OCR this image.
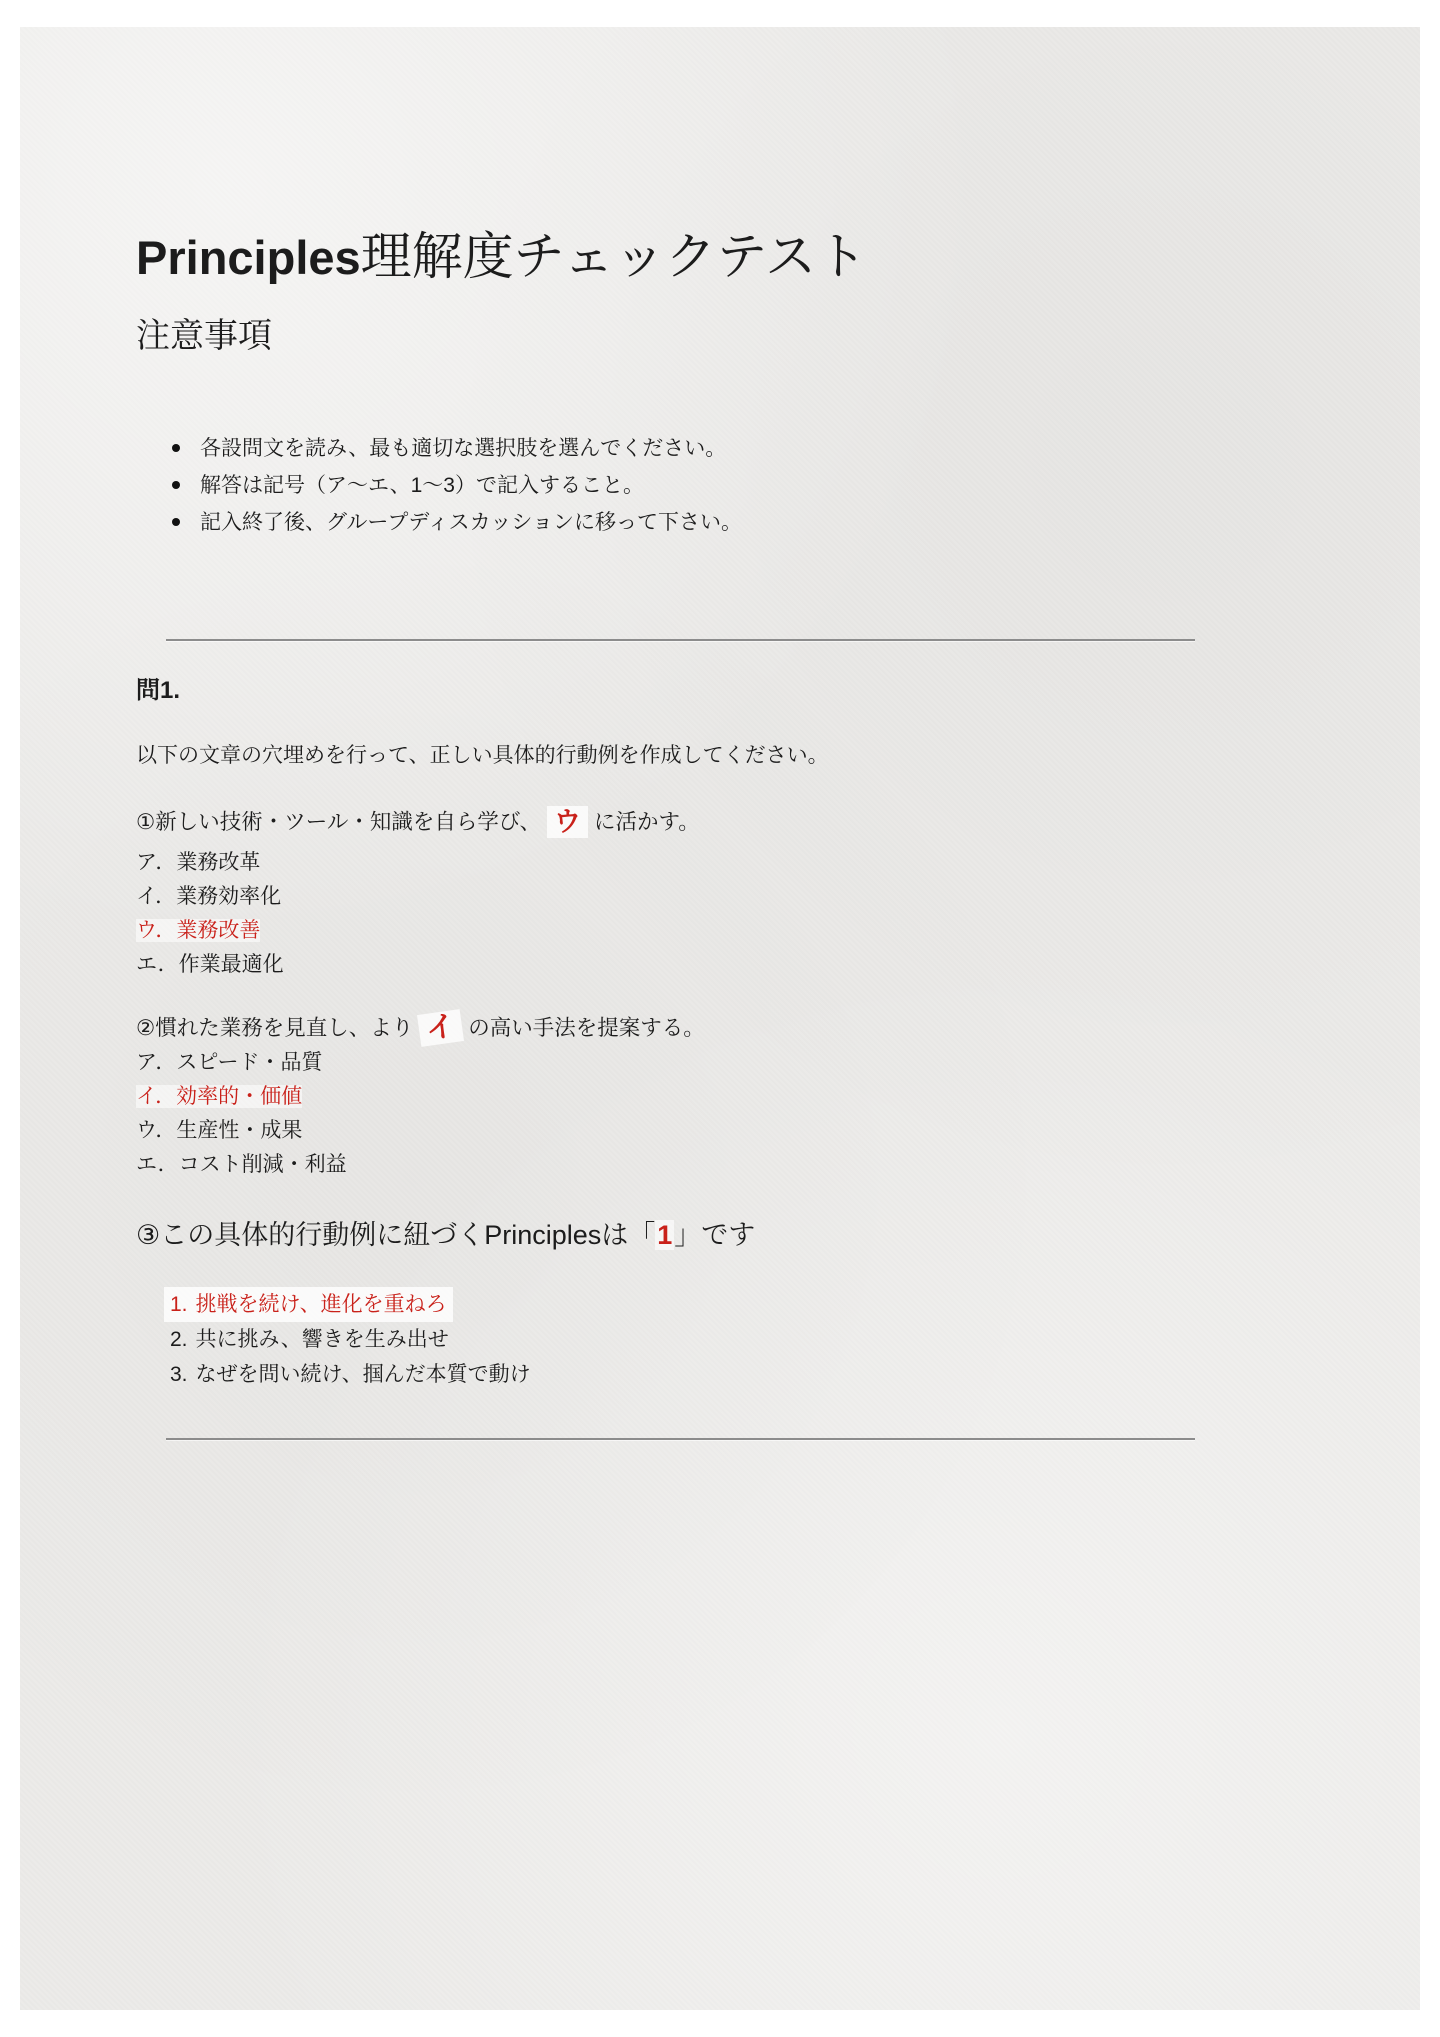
Principles理解度チェックテスト
注意事項
各設問文を読み、最も適切な選択肢を選んでください。
解答は記号（ア〜エ、1〜3）で記入すること。
記入終了後、グループディスカッションに移って下さい。
問1.
以下の文章の穴埋めを行って、正しい具体的行動例を作成してください。
①新しい技術・ツール・知識を自ら学び、 ウ に活かす。
ア．業務改革
イ．業務効率化
ウ．業務改善
エ．作業最適化
②慣れた業務を見直し、より イ の高い手法を提案する。
ア．スピード・品質
イ．効率的・価値
ウ．生産性・成果
エ．コスト削減・利益
③この具体的行動例に紐づくPrinciplesは「1」です
1. 挑戦を続け、進化を重ねろ
2. 共に挑み、響きを生み出せ
3. なぜを問い続け、掴んだ本質で動け
